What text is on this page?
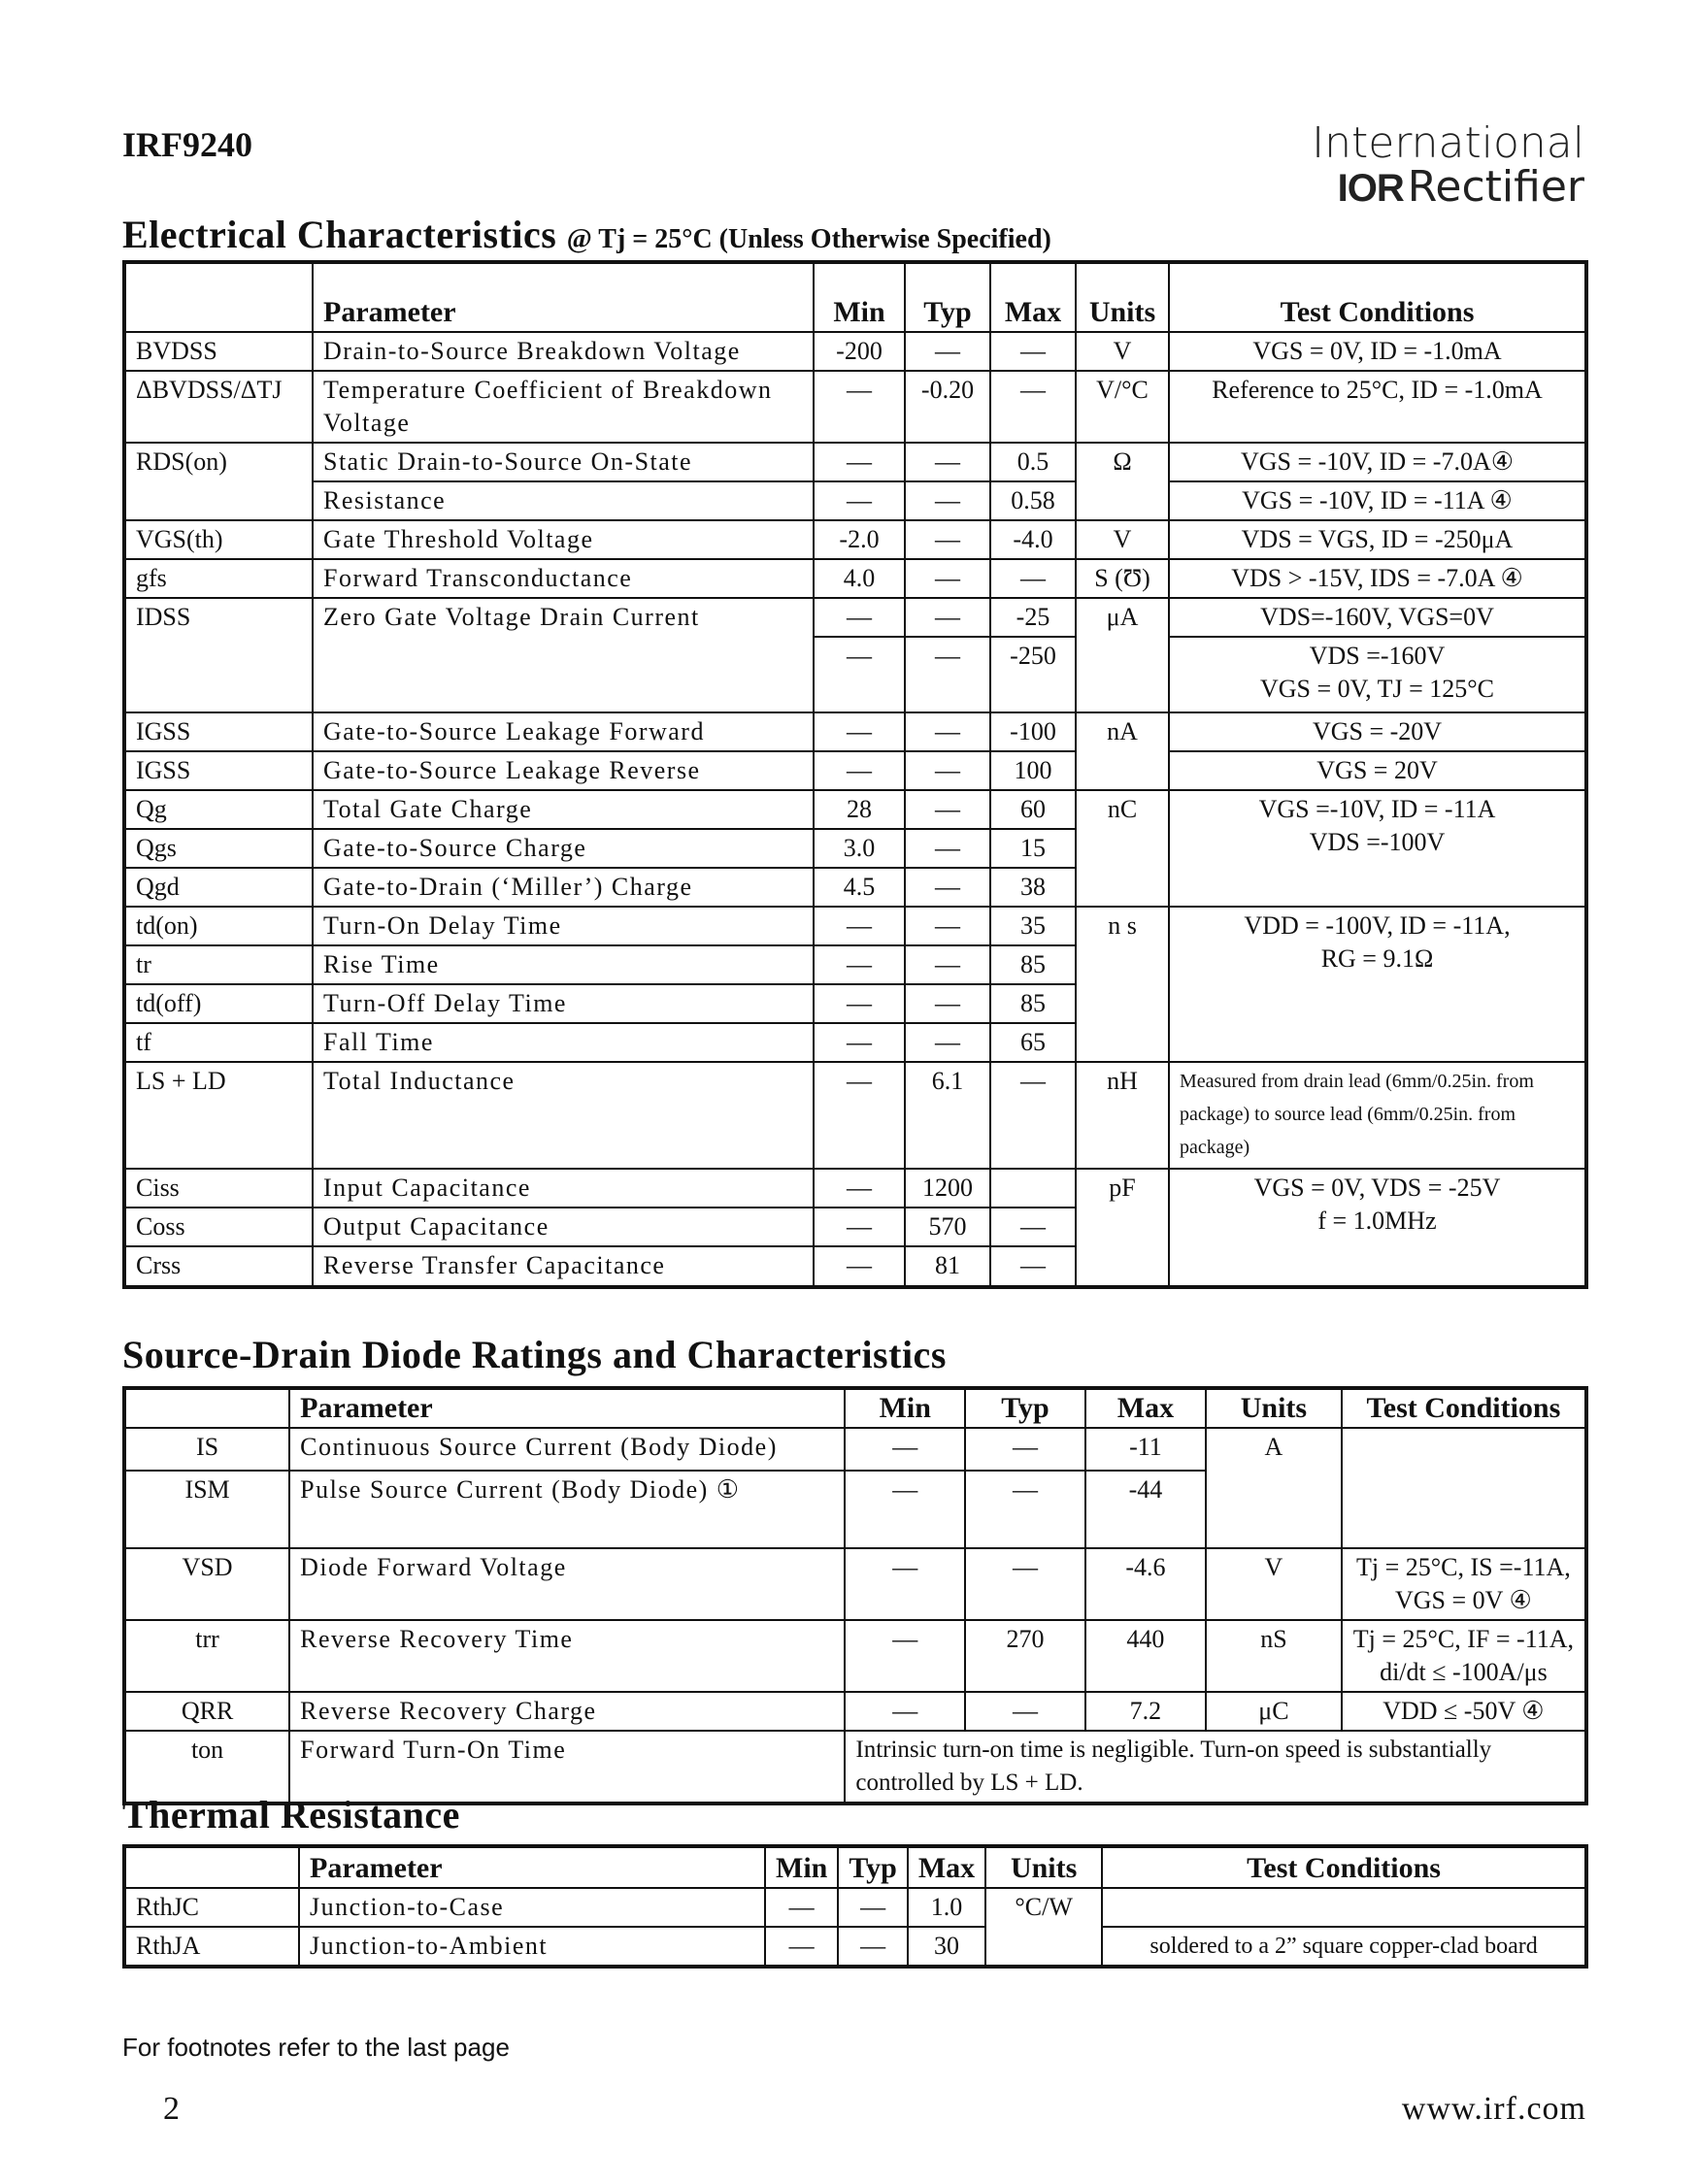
IRF9240	International
IORRectifier
Electrical Characteristics @ Tj = 25°C (Unless Otherwise Specified)
	Parameter	Min	Typ	Max	Units	Test Conditions
BVDSS	Drain-to-Source Breakdown Voltage	-200	—	—	V	VGS = 0V, ID = -1.0mA
ΔBVDSS/ΔTJ	Temperature Coefficient of Breakdown Voltage	—	-0.20	—	V/°C	Reference to 25°C, ID = -1.0mA
RDS(on)	Static Drain-to-Source On-State	—	—	0.5	Ω	VGS = -10V, ID = -7.0A④
	Resistance	—	—	0.58		VGS = -10V, ID = -11A ④
VGS(th)	Gate Threshold Voltage	-2.0	—	-4.0	V	VDS = VGS, ID = -250μA
gfs	Forward Transconductance	4.0	—	—	S (Ʊ)	VDS > -15V, IDS = -7.0A ④
IDSS	Zero Gate Voltage Drain Current	—	—	-25	μA	VDS=-160V, VGS=0V
		—	—	-250		VDS =-160V
VGS = 0V, TJ = 125°C

IGSS	Gate-to-Source Leakage Forward	—	—	-100	nA	VGS = -20V
IGSS	Gate-to-Source Leakage Reverse	—	—	100		VGS = 20V
Qg	Total Gate Charge	28	—	60	nC	VGS =-10V, ID = -11A
VDS =-100V

Qgs	Gate-to-Source Charge	3.0	—	15		
Qgd	Gate-to-Drain (‘Miller’) Charge	4.5	—	38		
td(on)	Turn-On Delay Time	—	—	35	n s	VDD = -100V, ID = -11A,
RG = 9.1Ω

tr	Rise Time	—	—	85		
td(off)	Turn-Off Delay Time	—	—	85		
tf	Fall Time	—	—	65		
LS + LD	Total Inductance	—	6.1	—	nH	Measured from drain lead (6mm/0.25in. from package) to source lead (6mm/0.25in. from package)
Ciss	Input Capacitance	—	1200		pF	VGS = 0V, VDS = -25V
f = 1.0MHz

Coss	Output Capacitance	—	570	—		
Crss	Reverse Transfer Capacitance	—	81	—		
Source-Drain Diode Ratings and Characteristics
	Parameter	Min	Typ	Max	Units	Test Conditions
IS	Continuous Source Current (Body Diode)	—	—	-11	A	
ISM	Pulse Source Current (Body Diode) ①	—	—	-44		
VSD	Diode Forward Voltage	—	—	-4.6	V	Tj = 25°C, IS =-11A, VGS = 0V ④
trr	Reverse Recovery Time	—	270	440	nS	Tj = 25°C, IF = -11A, di/dt ≤ -100A/μs
QRR	Reverse Recovery Charge	—	—	7.2	μC	VDD ≤ -50V ④
ton	Forward Turn-On Time	Intrinsic turn-on time is negligible. Turn-on speed is substantially controlled by LS + LD.				
Thermal Resistance
	Parameter	Min	Typ	Max	Units	Test Conditions
RthJC	Junction-to-Case	—	—	1.0	°C/W	
RthJA	Junction-to-Ambient	—	—	30		soldered to a 2” square copper-clad board
For footnotes refer to the last page
2	www.irf.com
